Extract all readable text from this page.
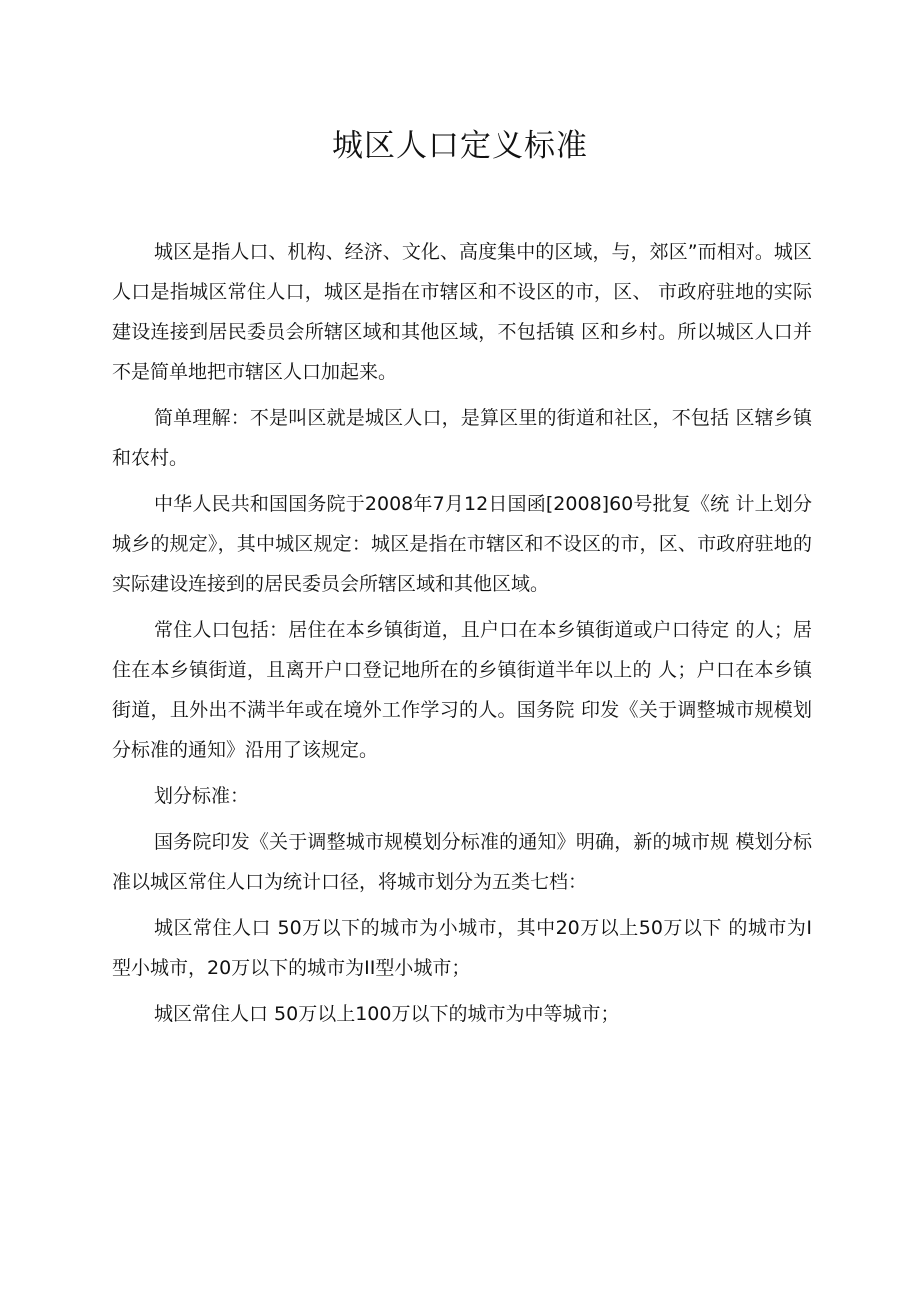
城区人口定义标准

城区是指人口、机构、经济、文化、高度集中的区域，与，郊区”而相对。城区人口是指城区常住人口，城区是指在市辖区和不设区的市，区、 市政府驻地的实际建设连接到居民委员会所辖区域和其他区域，不包括镇 区和乡村。所以城区人口并不是简单地把市辖区人口加起来。

简单理解：不是叫区就是城区人口，是算区里的街道和社区，不包括 区辖乡镇和农村。

中华人民共和国国务院于2008年7月12日国函[2008]60号批复《统 计上划分城乡的规定》，其中城区规定：城区是指在市辖区和不设区的市，区、市政府驻地的实际建设连接到的居民委员会所辖区域和其他区域。

常住人口包括：居住在本乡镇街道，且户口在本乡镇街道或户口待定 的人；居住在本乡镇街道，且离开户口登记地所在的乡镇街道半年以上的 人；户口在本乡镇街道，且外出不满半年或在境外工作学习的人。国务院 印发《关于调整城市规模划分标准的通知》沿用了该规定。

划分标准：

国务院印发《关于调整城市规模划分标准的通知》明确，新的城市规 模划分标准以城区常住人口为统计口径，将城市划分为五类七档：

城区常住人口 50万以下的城市为小城市，其中20万以上50万以下 的城市为I型小城市，20万以下的城市为II型小城市；

城区常住人口 50万以上100万以下的城市为中等城市；
